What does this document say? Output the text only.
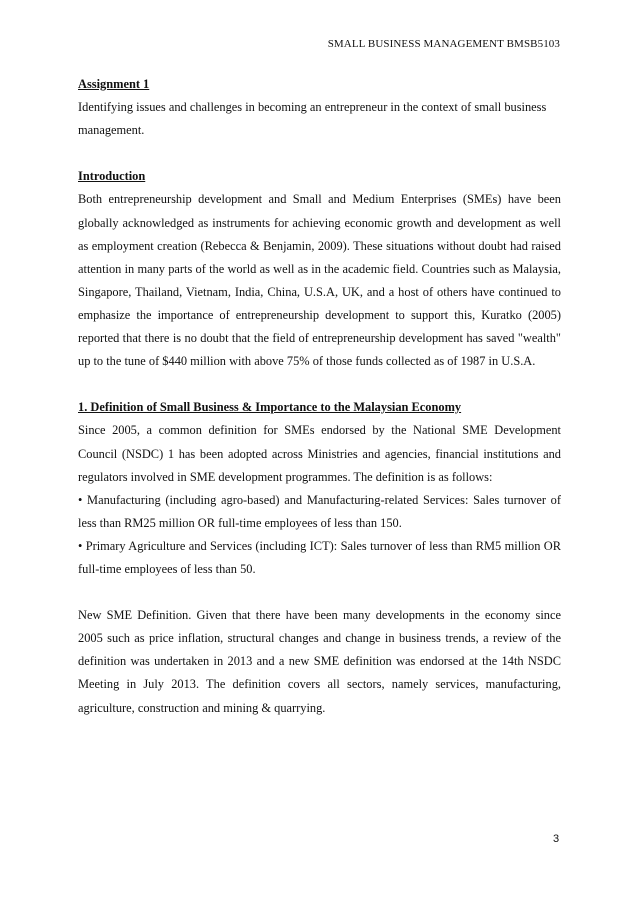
SMALL BUSINESS MANAGEMENT BMSB5103

Assignment 1

Identifying issues and challenges in becoming an entrepreneur in the context of small business management.

Introduction

Both entrepreneurship development and Small and Medium Enterprises (SMEs) have been globally acknowledged as instruments for achieving economic growth and development as well as employment creation (Rebecca & Benjamin, 2009). These situations without doubt had raised attention in many parts of the world as well as in the academic field. Countries such as Malaysia, Singapore, Thailand, Vietnam, India, China, U.S.A, UK, and a host of others have continued to emphasize the importance of entrepreneurship development to support this, Kuratko (2005) reported that there is no doubt that the field of entrepreneurship development has saved "wealth" up to the tune of $440 million with above 75% of those funds collected as of 1987 in U.S.A.

1. Definition of Small Business & Importance to the Malaysian Economy

Since 2005, a common definition for SMEs endorsed by the National SME Development Council (NSDC) 1 has been adopted across Ministries and agencies, financial institutions and regulators involved in SME development programmes. The definition is as follows:

• Manufacturing (including agro-based) and Manufacturing-related Services: Sales turnover of less than RM25 million OR full-time employees of less than 150.

• Primary Agriculture and Services (including ICT): Sales turnover of less than RM5 million OR full-time employees of less than 50.

New SME Definition. Given that there have been many developments in the economy since 2005 such as price inflation, structural changes and change in business trends, a review of the definition was undertaken in 2013 and a new SME definition was endorsed at the 14th NSDC Meeting in July 2013. The definition covers all sectors, namely services, manufacturing, agriculture, construction and mining & quarrying.

3
